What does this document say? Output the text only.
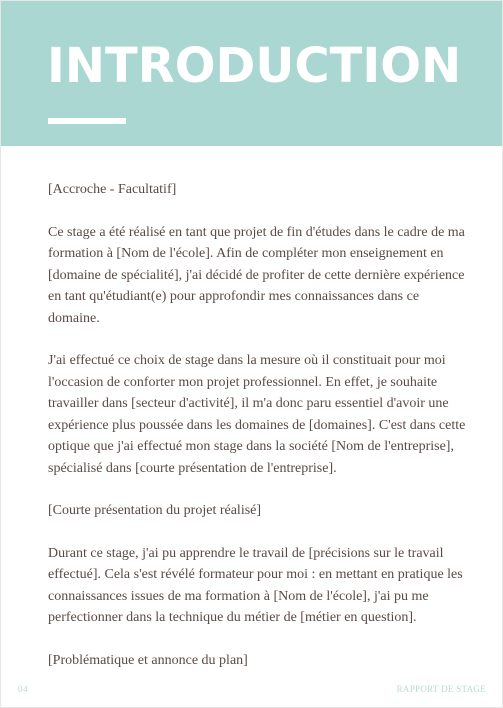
INTRODUCTION

[Accroche - Facultatif]

Ce stage a été réalisé en tant que projet de fin d'études dans le cadre de ma formation à [Nom de l'école]. Afin de compléter mon enseignement en [domaine de spécialité], j'ai décidé de profiter de cette dernière expérience en tant qu'étudiant(e) pour approfondir mes connaissances dans ce domaine.

J'ai effectué ce choix de stage dans la mesure où il constituait pour moi l'occasion de conforter mon projet professionnel. En effet, je souhaite travailler dans [secteur d'activité], il m'a donc paru essentiel d'avoir une expérience plus poussée dans les domaines de [domaines]. C'est dans cette optique que j'ai effectué mon stage dans la société [Nom de l'entreprise], spécialisé dans [courte présentation de l'entreprise].

[Courte présentation du projet réalisé]

Durant ce stage, j'ai pu apprendre le travail de [précisions sur le travail effectué]. Cela s'est révélé formateur pour moi : en mettant en pratique les connaissances issues de ma formation à [Nom de l'école], j'ai pu me perfectionner dans la technique du métier de [métier en question].

[Problématique et annonce du plan]

04	RAPPORT DE STAGE
